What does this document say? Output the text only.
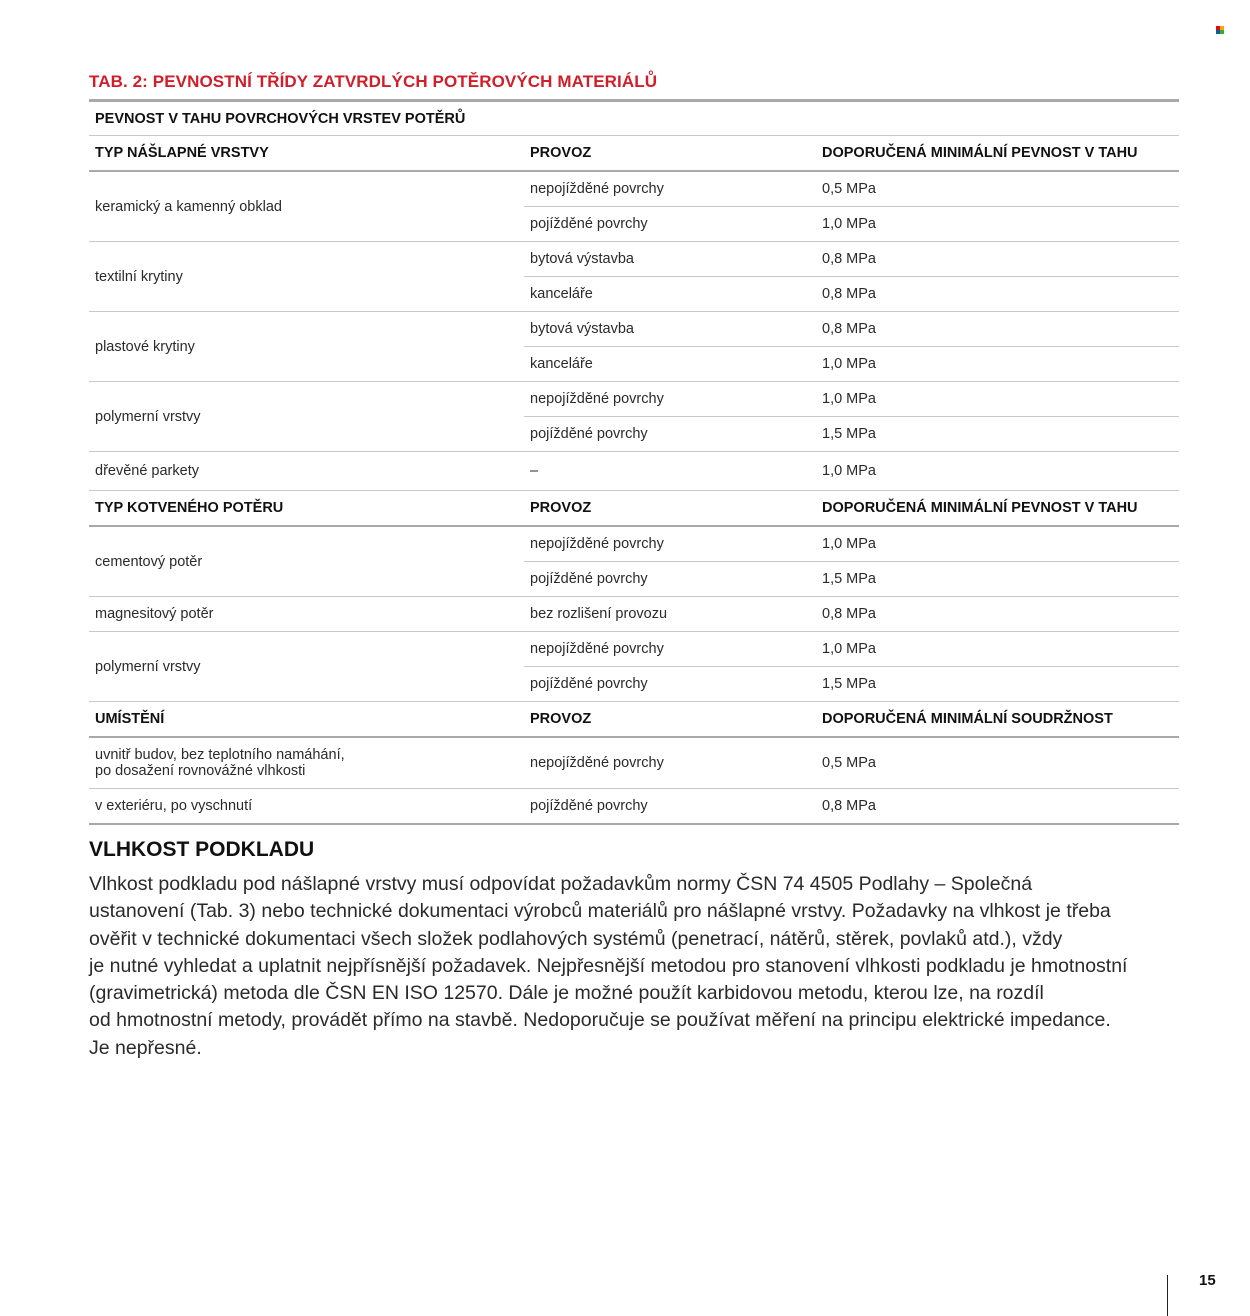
TAB. 2: PEVNOSTNÍ TŘÍDY ZATVRDLÝCH POTĚROVÝCH MATERIÁLŮ
PEVNOST V TAHU POVRCHOVÝCH VRSTEV POTĚRŮ		
TYP NÁŠLAPNÉ VRSTVY	PROVOZ	DOPORUČENÁ MINIMÁLNÍ PEVNOST V TAHU
keramický a kamenný obklad	nepojížděné povrchy	0,5 MPa
	pojížděné povrchy	1,0 MPa
textilní krytiny	bytová výstavba	0,8 MPa
	kanceláře	0,8 MPa
plastové krytiny	bytová výstavba	0,8 MPa
	kanceláře	1,0 MPa
polymerní vrstvy	nepojížděné povrchy	1,0 MPa
	pojížděné povrchy	1,5 MPa
dřevěné parkety	–	1,0 MPa
TYP KOTVENÉHO POTĚRU	PROVOZ	DOPORUČENÁ MINIMÁLNÍ PEVNOST V TAHU
cementový potěr	nepojížděné povrchy	1,0 MPa
	pojížděné povrchy	1,5 MPa
magnesitový potěr	bez rozlišení provozu	0,8 MPa
polymerní vrstvy	nepojížděné povrchy	1,0 MPa
	pojížděné povrchy	1,5 MPa
UMÍSTĚNÍ	PROVOZ	DOPORUČENÁ MINIMÁLNÍ SOUDRŽNOST

uvnitř budov, bez teplotního namáhání,
po dosažení rovnovážné vlhkosti	nepojížděné povrchy	0,5 MPa
v exteriéru, po vyschnutí	pojížděné povrchy	0,8 MPa
VLHKOST PODKLADU
Vlhkost podkladu pod nášlapné vrstvy musí odpovídat požadavkům normy ČSN 74 4505 Podlahy – Společná
ustanovení (Tab. 3) nebo technické dokumentaci výrobců materiálů pro nášlapné vrstvy. Požadavky na vlhkost je třeba
ověřit v technické dokumentaci všech složek podlahových systémů (penetrací, nátěrů, stěrek, povlaků atd.), vždy
je nutné vyhledat a uplatnit nejpřísnější požadavek. Nejpřesnější metodou pro stanovení vlhkosti podkladu je hmotnostní
(gravimetrická) metoda dle ČSN EN ISO 12570. Dále je možné použít karbidovou metodu, kterou lze, na rozdíl
od hmotnostní metody, provádět přímo na stavbě. Nedoporučuje se používat měření na principu elektrické impedance.
Je nepřesné.
15
